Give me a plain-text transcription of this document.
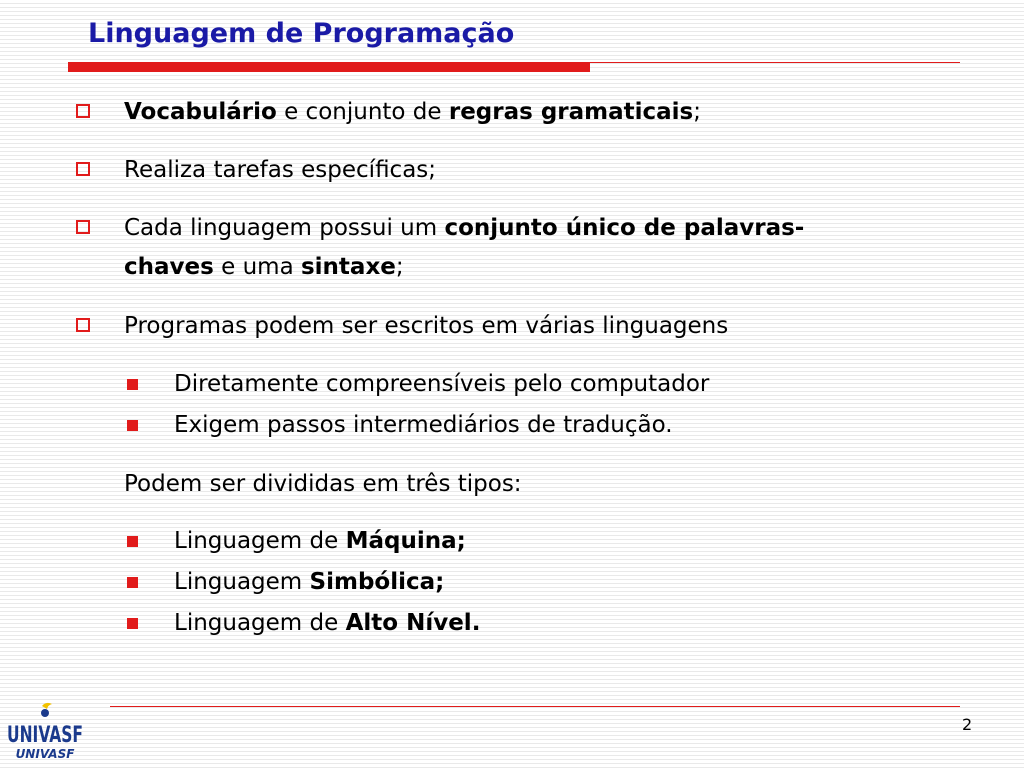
Linguagem de Programação
Vocabulário e conjunto de regras gramaticais;
Realiza tarefas específicas;
Cada linguagem possui um conjunto único de palavras-
chaves e uma sintaxe;
Programas podem ser escritos em várias linguagens
Diretamente compreensíveis pelo computador
Exigem passos intermediários de tradução.
Podem ser divididas em três tipos:
Linguagem de Máquina;
Linguagem Simbólica;
Linguagem de Alto Nível.
2
UNIVASF
UNIVASF
